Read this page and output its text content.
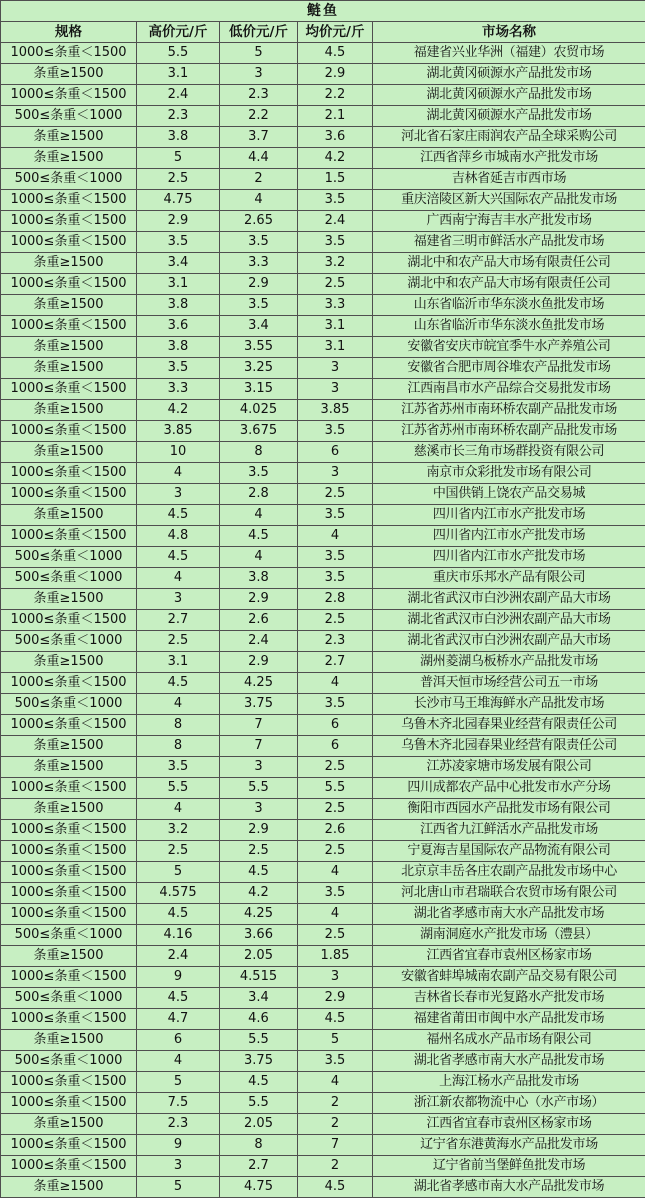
鲢鱼				
规格	高价元/斤	低价元/斤	均价元/斤	市场名称
1000≤条重＜1500	5.5	5	4.5	福建省兴业华洲（福建）农贸市场
条重≥1500	3.1	3	2.9	湖北黄冈硕源水产品批发市场
1000≤条重＜1500	2.4	2.3	2.2	湖北黄冈硕源水产品批发市场
500≤条重＜1000	2.3	2.2	2.1	湖北黄冈硕源水产品批发市场
条重≥1500	3.8	3.7	3.6	河北省石家庄雨润农产品全球采购公司
条重≥1500	5	4.4	4.2	江西省萍乡市城南水产批发市场
500≤条重＜1000	2.5	2	1.5	吉林省延吉市西市场
1000≤条重＜1500	4.75	4	3.5	重庆涪陵区新大兴国际农产品批发市场
1000≤条重＜1500	2.9	2.65	2.4	广西南宁海吉丰水产批发市场
1000≤条重＜1500	3.5	3.5	3.5	福建省三明市鲜活水产品批发市场
条重≥1500	3.4	3.3	3.2	湖北中和农产品大市场有限责任公司
1000≤条重＜1500	3.1	2.9	2.5	湖北中和农产品大市场有限责任公司
条重≥1500	3.8	3.5	3.3	山东省临沂市华东淡水鱼批发市场
1000≤条重＜1500	3.6	3.4	3.1	山东省临沂市华东淡水鱼批发市场
条重≥1500	3.8	3.55	3.1	安徽省安庆市皖宜季牛水产养殖公司
条重≥1500	3.5	3.25	3	安徽省合肥市周谷堆农产品批发市场
1000≤条重＜1500	3.3	3.15	3	江西南昌市水产品综合交易批发市场
条重≥1500	4.2	4.025	3.85	江苏省苏州市南环桥农副产品批发市场
1000≤条重＜1500	3.85	3.675	3.5	江苏省苏州市南环桥农副产品批发市场
条重≥1500	10	8	6	慈溪市长三角市场群投资有限公司
1000≤条重＜1500	4	3.5	3	南京市众彩批发市场有限公司
1000≤条重＜1500	3	2.8	2.5	中国供销上饶农产品交易城
条重≥1500	4.5	4	3.5	四川省内江市水产批发市场
1000≤条重＜1500	4.8	4.5	4	四川省内江市水产批发市场
500≤条重＜1000	4.5	4	3.5	四川省内江市水产批发市场
500≤条重＜1000	4	3.8	3.5	重庆市乐邦水产品有限公司
条重≥1500	3	2.9	2.8	湖北省武汉市白沙洲农副产品大市场
1000≤条重＜1500	2.7	2.6	2.5	湖北省武汉市白沙洲农副产品大市场
500≤条重＜1000	2.5	2.4	2.3	湖北省武汉市白沙洲农副产品大市场
条重≥1500	3.1	2.9	2.7	湖州菱湖乌板桥水产品批发市场
1000≤条重＜1500	4.5	4.25	4	普洱天恒市场经营公司五一市场
500≤条重＜1000	4	3.75	3.5	长沙市马王堆海鲜水产品批发市场
1000≤条重＜1500	8	7	6	乌鲁木齐北园春果业经营有限责任公司
条重≥1500	8	7	6	乌鲁木齐北园春果业经营有限责任公司
条重≥1500	3.5	3	2.5	江苏凌家塘市场发展有限公司
1000≤条重＜1500	5.5	5.5	5.5	四川成都农产品中心批发市水产分场
条重≥1500	4	3	2.5	衡阳市西园水产品批发市场有限公司
1000≤条重＜1500	3.2	2.9	2.6	江西省九江鲜活水产品批发市场
1000≤条重＜1500	2.5	2.5	2.5	宁夏海吉星国际农产品物流有限公司
1000≤条重＜1500	5	4.5	4	北京京丰岳各庄农副产品批发市场中心
1000≤条重＜1500	4.575	4.2	3.5	河北唐山市君瑞联合农贸市场有限公司
1000≤条重＜1500	4.5	4.25	4	湖北省孝感市南大水产品批发市场
500≤条重＜1000	4.16	3.66	2.5	湖南洞庭水产批发市场（澧县）
条重≥1500	2.4	2.05	1.85	江西省宜春市袁州区杨家市场
1000≤条重＜1500	9	4.515	3	安徽省蚌埠城南农副产品交易有限公司
500≤条重＜1000	4.5	3.4	2.9	吉林省长春市光复路水产批发市场
1000≤条重＜1500	4.7	4.6	4.5	福建省莆田市闽中水产品批发市场
条重≥1500	6	5.5	5	福州名成水产品市场有限公司
500≤条重＜1000	4	3.75	3.5	湖北省孝感市南大水产品批发市场
1000≤条重＜1500	5	4.5	4	上海江杨水产品批发市场
1000≤条重＜1500	7.5	5.5	2	浙江新农都物流中心（水产市场）
条重≥1500	2.3	2.05	2	江西省宜春市袁州区杨家市场
1000≤条重＜1500	9	8	7	辽宁省东港黄海水产品批发市场
1000≤条重＜1500	3	2.7	2	辽宁省前当堡鲜鱼批发市场
条重≥1500	5	4.75	4.5	湖北省孝感市南大水产品批发市场
